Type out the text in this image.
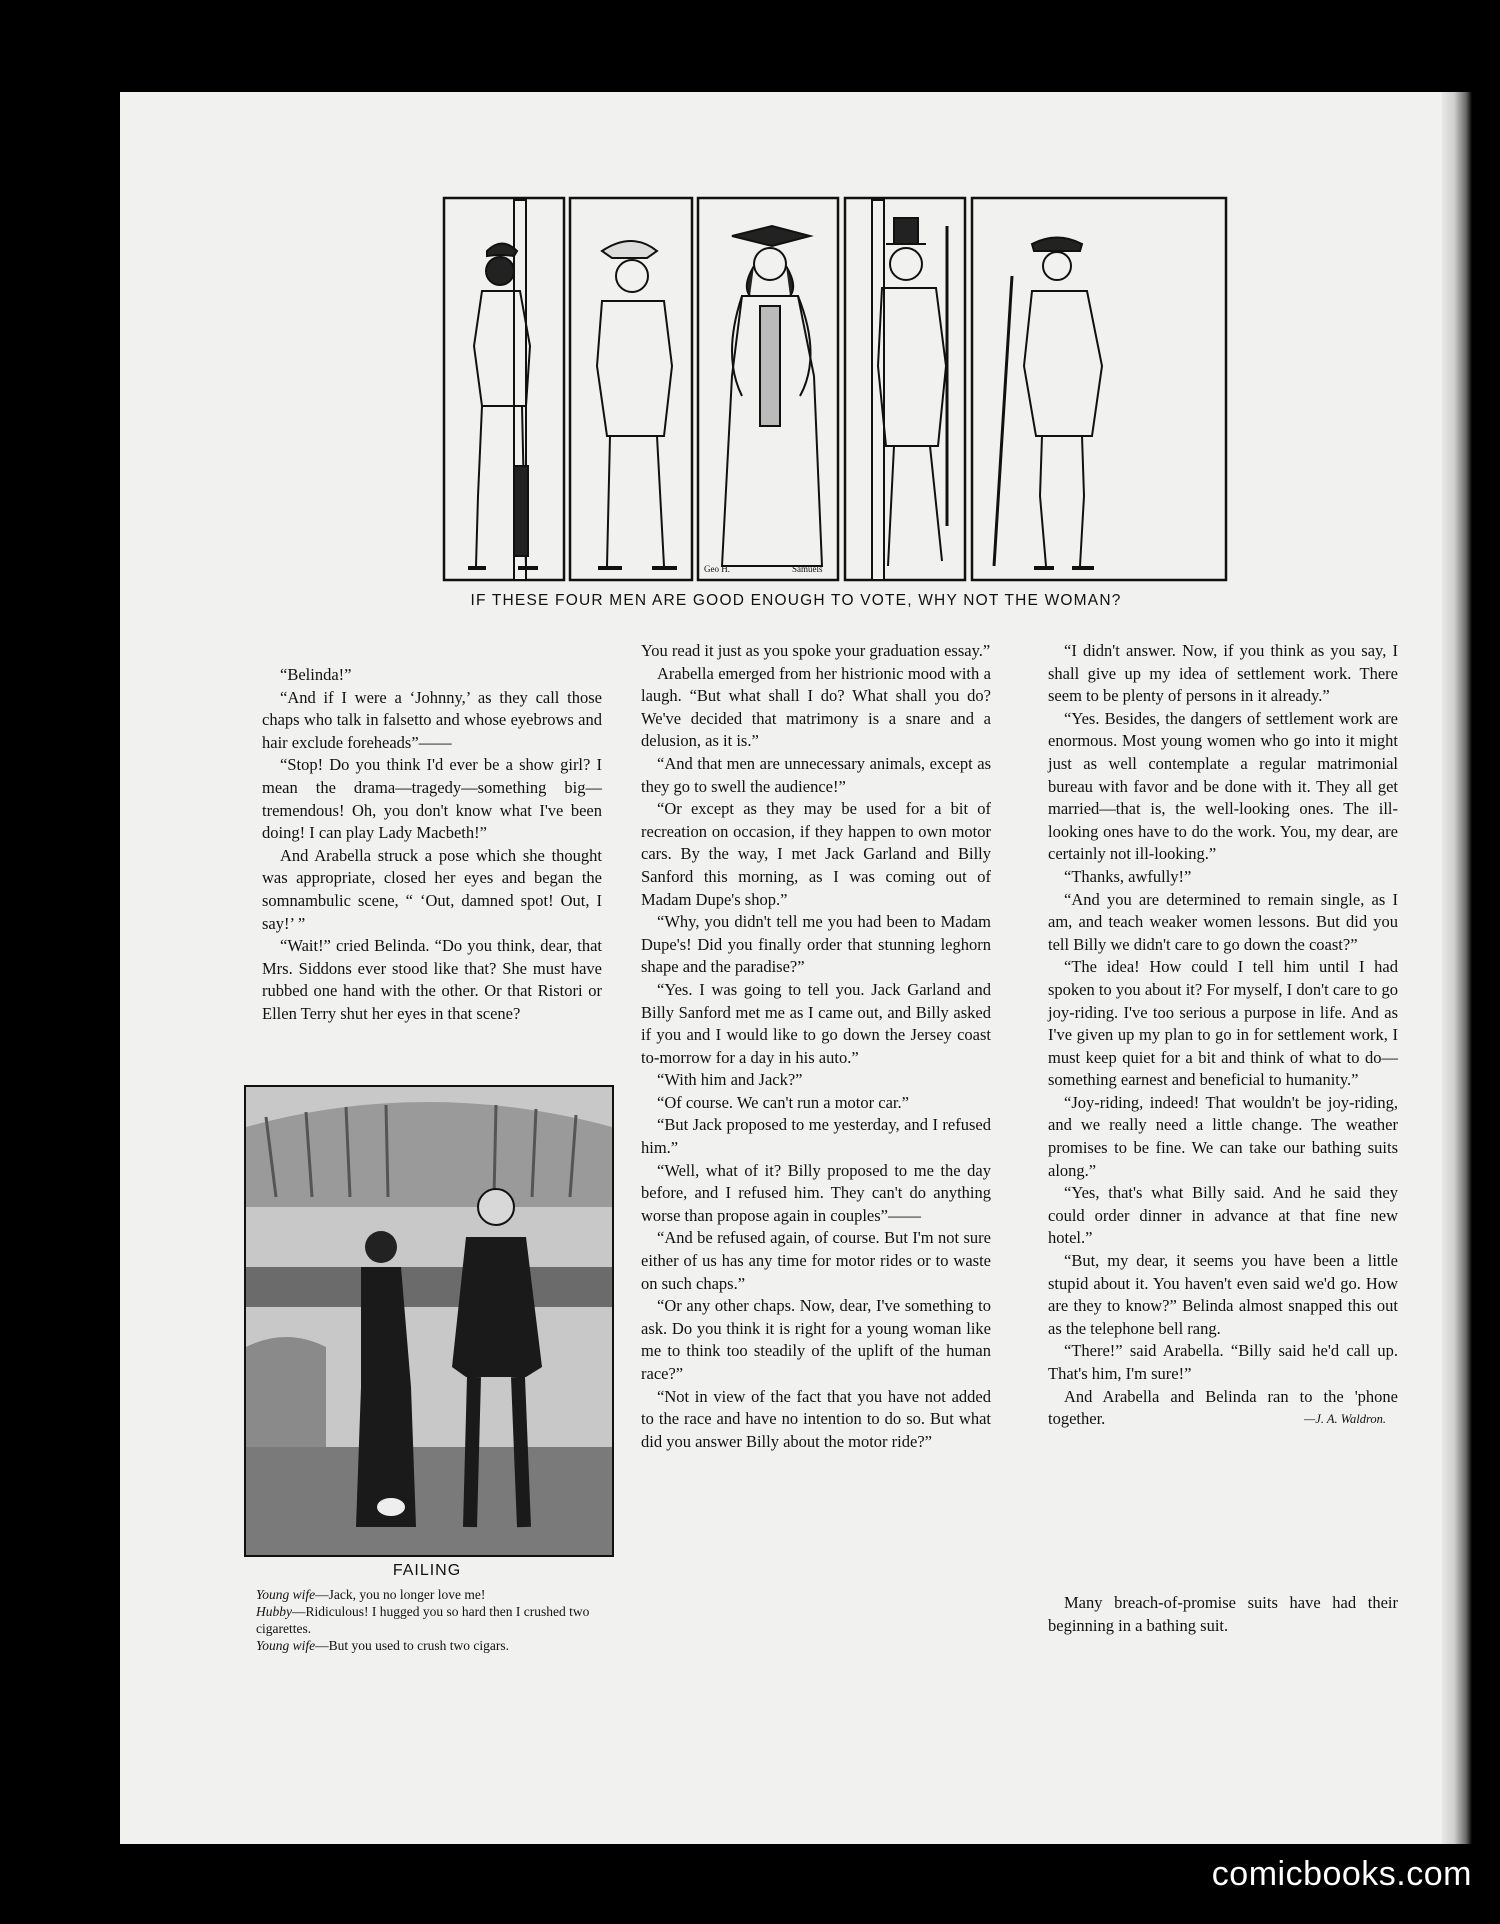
Geo H.	Samuels
IF THESE FOUR MEN ARE GOOD ENOUGH TO VOTE, WHY NOT THE WOMAN?

“Belinda!”

“And if I were a ‘Johnny,’ as they call those chaps who talk in falsetto and whose eyebrows and hair exclude foreheads”——

“Stop! Do you think I'd ever be a show girl? I mean the drama—tragedy—something big—tremendous! Oh, you don't know what I've been doing! I can play Lady Macbeth!”

And Arabella struck a pose which she thought was appropriate, closed her eyes and began the somnambulic scene, “ ‘Out, damned spot! Out, I say!’ ”

“Wait!” cried Belinda. “Do you think, dear, that Mrs. Siddons ever stood like that? She must have rubbed one hand with the other. Or that Ristori or Ellen Terry shut her eyes in that scene?

FAILING

Young wife—Jack, you no longer love me!

Hubby—Ridiculous! I hugged you so hard then I crushed two cigarettes.

Young wife—But you used to crush two cigars.

You read it just as you spoke your graduation essay.”

Arabella emerged from her histrionic mood with a laugh. “But what shall I do? What shall you do? We've decided that matrimony is a snare and a delusion, as it is.”

“And that men are unnecessary animals, except as they go to swell the audience!”

“Or except as they may be used for a bit of recreation on occasion, if they happen to own motor cars. By the way, I met Jack Garland and Billy Sanford this morning, as I was coming out of Madam Dupe's shop.”

“Why, you didn't tell me you had been to Madam Dupe's! Did you finally order that stunning leghorn shape and the paradise?”

“Yes. I was going to tell you. Jack Garland and Billy Sanford met me as I came out, and Billy asked if you and I would like to go down the Jersey coast to-morrow for a day in his auto.”

“With him and Jack?”

“Of course. We can't run a motor car.”

“But Jack proposed to me yesterday, and I refused him.”

“Well, what of it? Billy proposed to me the day before, and I refused him. They can't do anything worse than propose again in couples”——

“And be refused again, of course. But I'm not sure either of us has any time for motor rides or to waste on such chaps.”

“Or any other chaps. Now, dear, I've something to ask. Do you think it is right for a young woman like me to think too steadily of the uplift of the human race?”

“Not in view of the fact that you have not added to the race and have no intention to do so. But what did you answer Billy about the motor ride?”

“I didn't answer. Now, if you think as you say, I shall give up my idea of settlement work. There seem to be plenty of persons in it already.”

“Yes. Besides, the dangers of settlement work are enormous. Most young women who go into it might just as well contemplate a regular matrimonial bureau with favor and be done with it. They all get married—that is, the well-looking ones. The ill-looking ones have to do the work. You, my dear, are certainly not ill-looking.”

“Thanks, awfully!”

“And you are determined to remain single, as I am, and teach weaker women lessons. But did you tell Billy we didn't care to go down the coast?”

“The idea! How could I tell him until I had spoken to you about it? For myself, I don't care to go joy-riding. I've too serious a purpose in life. And as I've given up my plan to go in for settlement work, I must keep quiet for a bit and think of what to do—something earnest and beneficial to humanity.”

“Joy-riding, indeed! That wouldn't be joy-riding, and we really need a little change. The weather promises to be fine. We can take our bathing suits along.”

“Yes, that's what Billy said. And he said they could order dinner in advance at that fine new hotel.”

“But, my dear, it seems you have been a little stupid about it. You haven't even said we'd go. How are they to know?” Belinda almost snapped this out as the telephone bell rang.

“There!” said Arabella. “Billy said he'd call up. That's him, I'm sure!”

And Arabella and Belinda ran to the 'phone together.	—J. A. Waldron.

Many breach-of-promise suits have had their beginning in a bathing suit.

comicbooks.com
